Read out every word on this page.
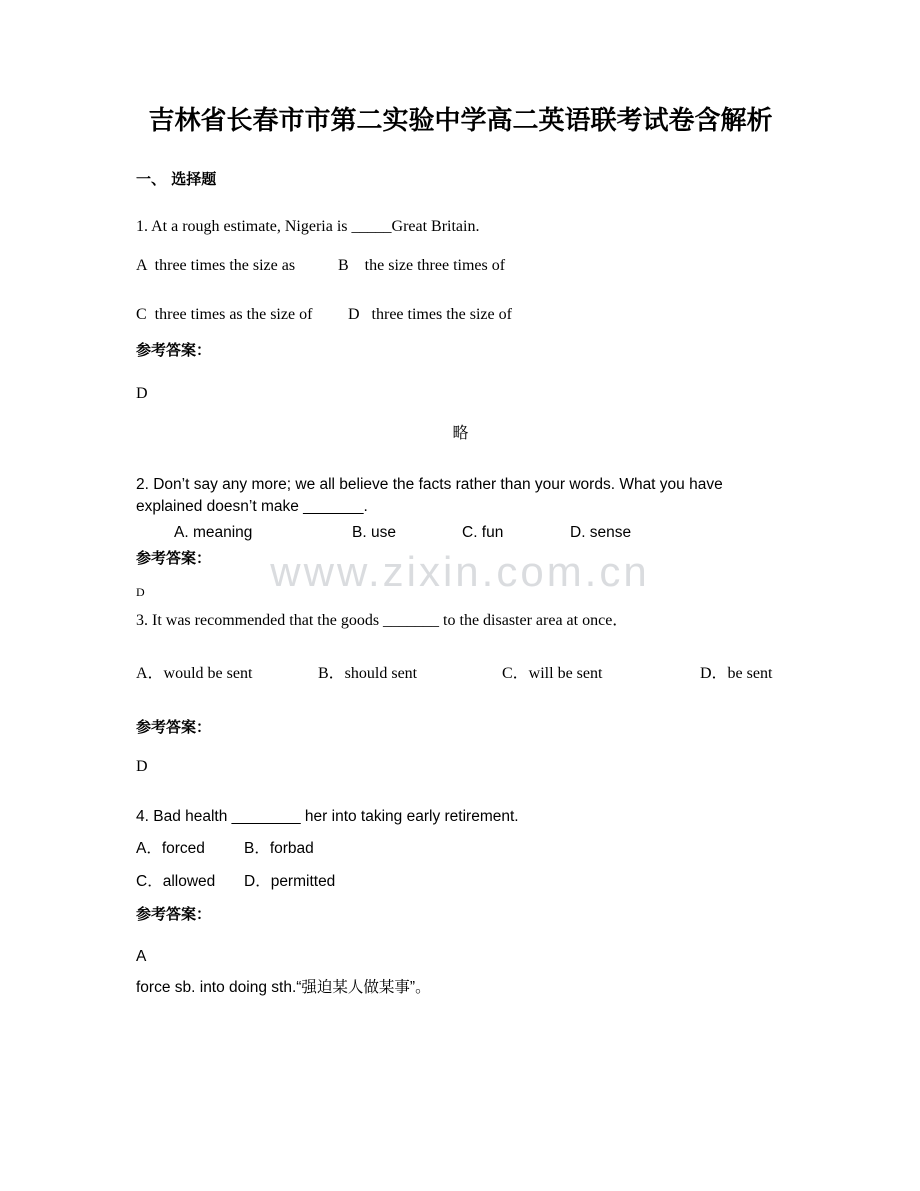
www.zixin.com.cn
吉林省长春市市第二实验中学高二英语联考试卷含解析
一、 选择题
1. At a rough estimate, Nigeria is _____Great Britain.
A  three times the size as	B    the size three times of
C  three times as the size of	D   three times the size of
参考答案：
D
略
2. Don’t say any more; we all believe the facts rather than your words. What you have explained doesn’t make _______.
A. meaning	B. use	C. fun	D. sense
参考答案：
D
3. It was recommended that the goods _______ to the disaster area at once．
A．would be sent	B．should sent	C．will be sent	D．be sent
参考答案：
D
4. Bad health ________ her into taking early retirement.
A．forced	B．forbad
C．allowed	D．permitted
参考答案：
A
force sb. into doing sth.“强迫某人做某事”。
